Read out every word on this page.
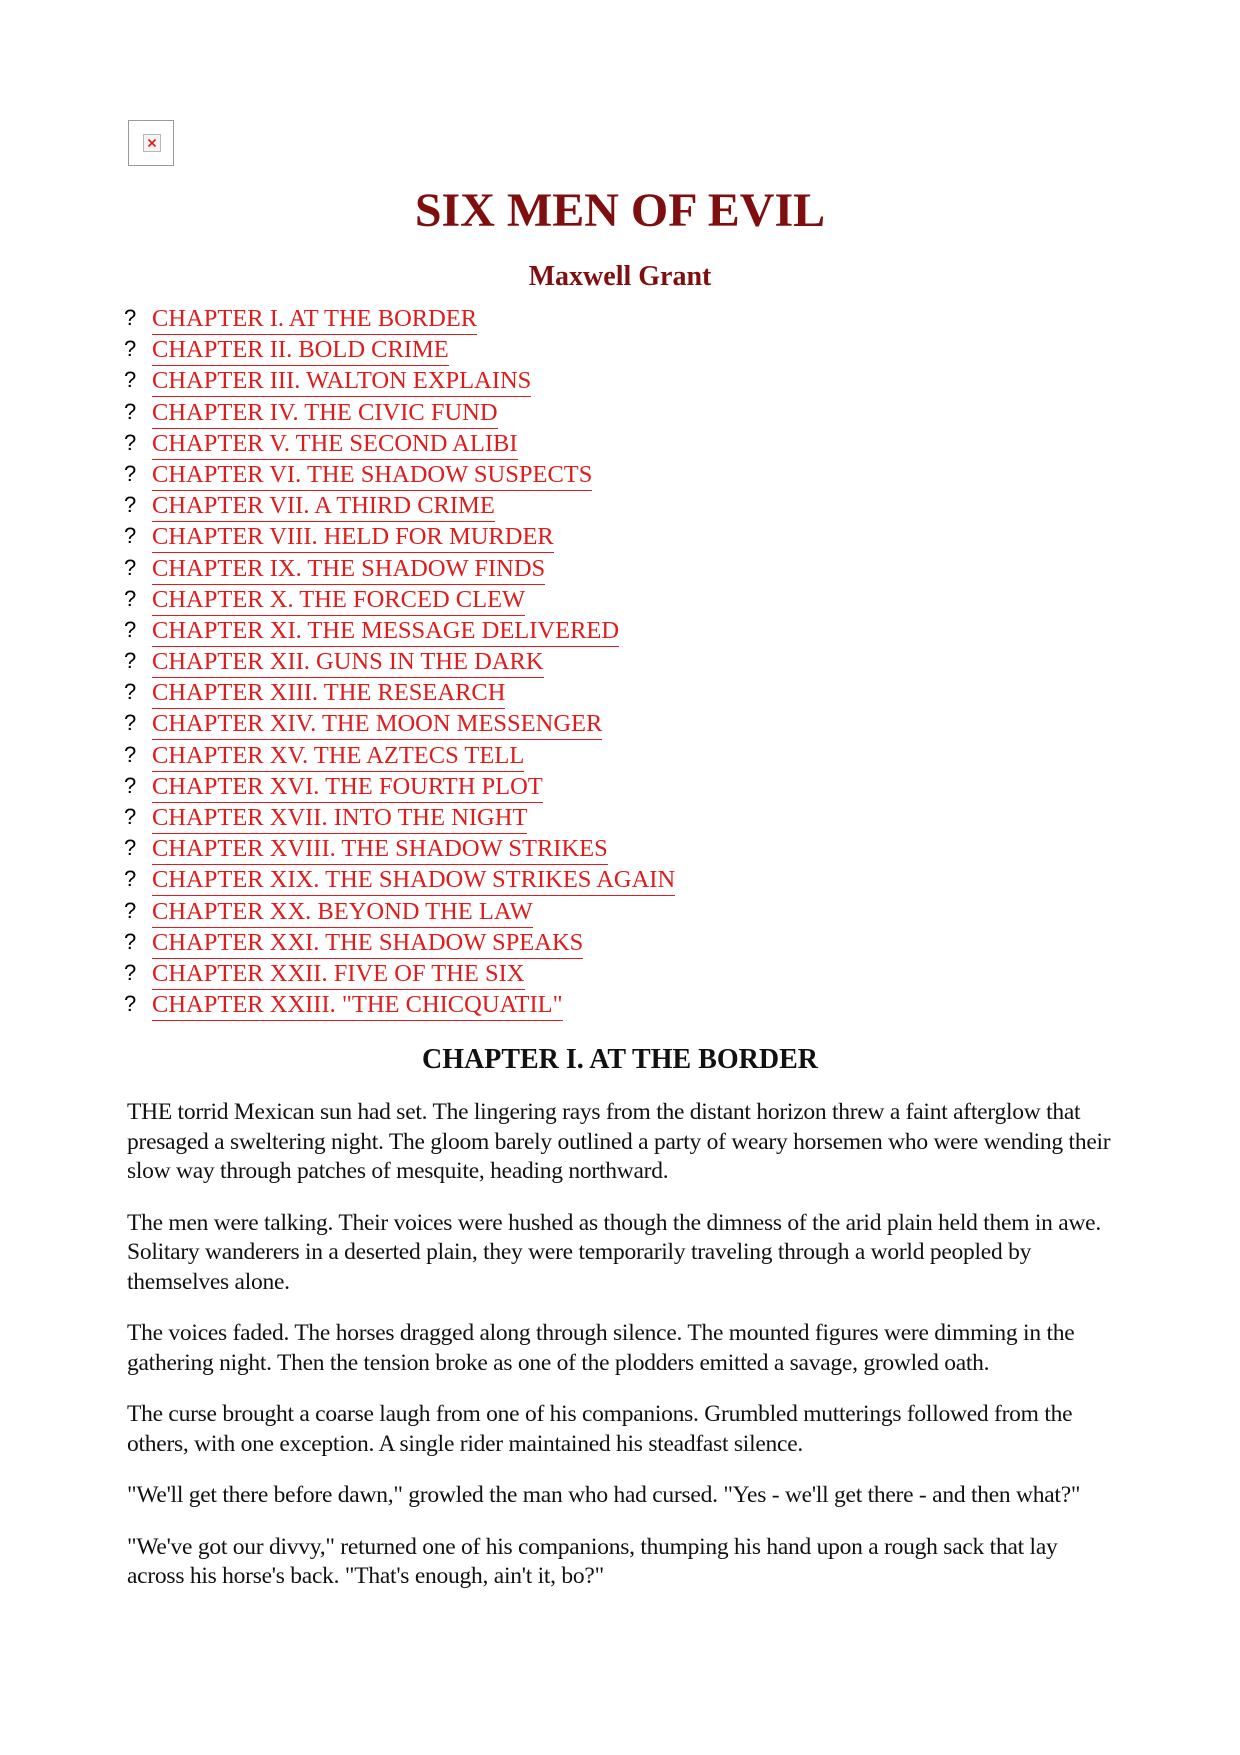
SIX MEN OF EVIL
Maxwell Grant
? CHAPTER I. AT THE BORDER
? CHAPTER II. BOLD CRIME
? CHAPTER III. WALTON EXPLAINS
? CHAPTER IV. THE CIVIC FUND
? CHAPTER V. THE SECOND ALIBI
? CHAPTER VI. THE SHADOW SUSPECTS
? CHAPTER VII. A THIRD CRIME
? CHAPTER VIII. HELD FOR MURDER
? CHAPTER IX. THE SHADOW FINDS
? CHAPTER X. THE FORCED CLEW
? CHAPTER XI. THE MESSAGE DELIVERED
? CHAPTER XII. GUNS IN THE DARK
? CHAPTER XIII. THE RESEARCH
? CHAPTER XIV. THE MOON MESSENGER
? CHAPTER XV. THE AZTECS TELL
? CHAPTER XVI. THE FOURTH PLOT
? CHAPTER XVII. INTO THE NIGHT
? CHAPTER XVIII. THE SHADOW STRIKES
? CHAPTER XIX. THE SHADOW STRIKES AGAIN
? CHAPTER XX. BEYOND THE LAW
? CHAPTER XXI. THE SHADOW SPEAKS
? CHAPTER XXII. FIVE OF THE SIX
? CHAPTER XXIII. "THE CHICQUATIL"
CHAPTER I. AT THE BORDER

THE torrid Mexican sun had set. The lingering rays from the distant horizon threw a faint afterglow that presaged a sweltering night. The gloom barely outlined a party of weary horsemen who were wending their slow way through patches of mesquite, heading northward.

The men were talking. Their voices were hushed as though the dimness of the arid plain held them in awe. Solitary wanderers in a deserted plain, they were temporarily traveling through a world peopled by themselves alone.

The voices faded. The horses dragged along through silence. The mounted figures were dimming in the gathering night. Then the tension broke as one of the plodders emitted a savage, growled oath.

The curse brought a coarse laugh from one of his companions. Grumbled mutterings followed from the others, with one exception. A single rider maintained his steadfast silence.

"We'll get there before dawn," growled the man who had cursed. "Yes - we'll get there - and then what?"

"We've got our divvy," returned one of his companions, thumping his hand upon a rough sack that lay across his horse's back. "That's enough, ain't it, bo?"
